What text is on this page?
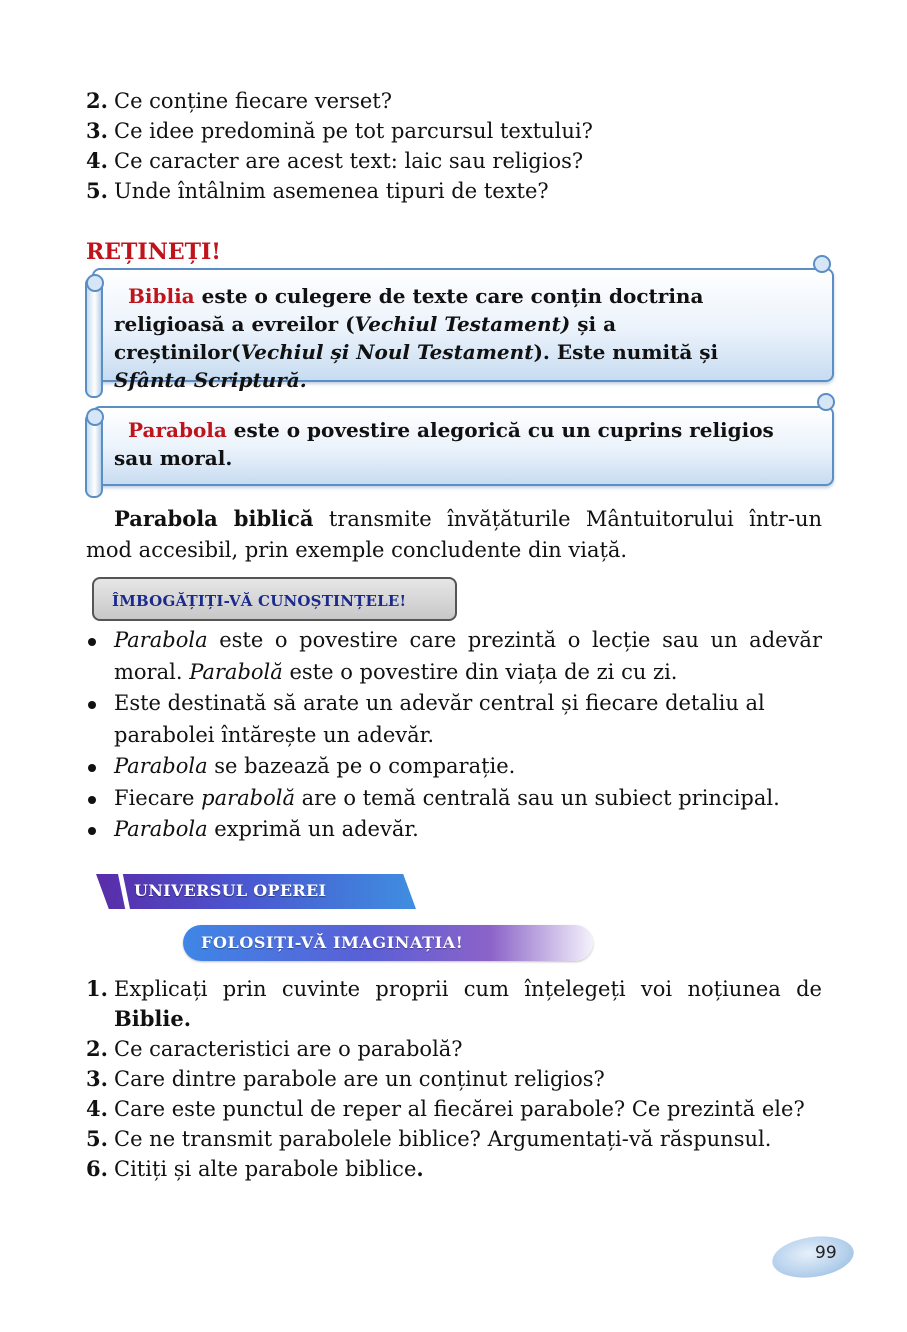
2. Ce conține fiecare verset?
3. Ce idee predomină pe tot parcursul textului?
4. Ce caracter are acest text: laic sau religios?
5. Unde întâlnim asemenea tipuri de texte?
REȚINEȚI!
Biblia este o culegere de texte care conțin doctrina religioasă a evreilor (Vechiul Testament) și a creștinilor(Vechiul și Noul Testament). Este numită și Sfânta Scriptură.
Parabola este o povestire alegorică cu un cuprins religios sau moral.
Parabola biblică transmite învățăturile Mântuitorului într-un mod accesibil, prin exemple concludente din viață.
ÎMBOGĂȚIȚI-VĂ CUNOȘTINȚELE!
Parabola este o povestire care prezintă o lecție sau un adevăr moral. Parabolă este o povestire din viața de zi cu zi.
Este destinată să arate un adevăr central și fiecare detaliu al parabolei întărește un adevăr.
Parabola se bazează pe o comparație.
Fiecare parabolă are o temă centrală sau un subiect principal.
Parabola exprimă un adevăr.
UNIVERSUL OPEREI
FOLOSIȚI-VĂ IMAGINAȚIA!
1. Explicați prin cuvinte proprii cum înțelegeți voi noțiunea de Biblie.
2. Ce caracteristici are o parabolă?
3. Care dintre parabole are un conținut religios?
4. Care este punctul de reper al fiecărei parabole? Ce prezintă ele?
5. Ce ne transmit parabolele biblice? Argumentați-vă răspunsul.
6. Citiți și alte parabole biblice.
99
